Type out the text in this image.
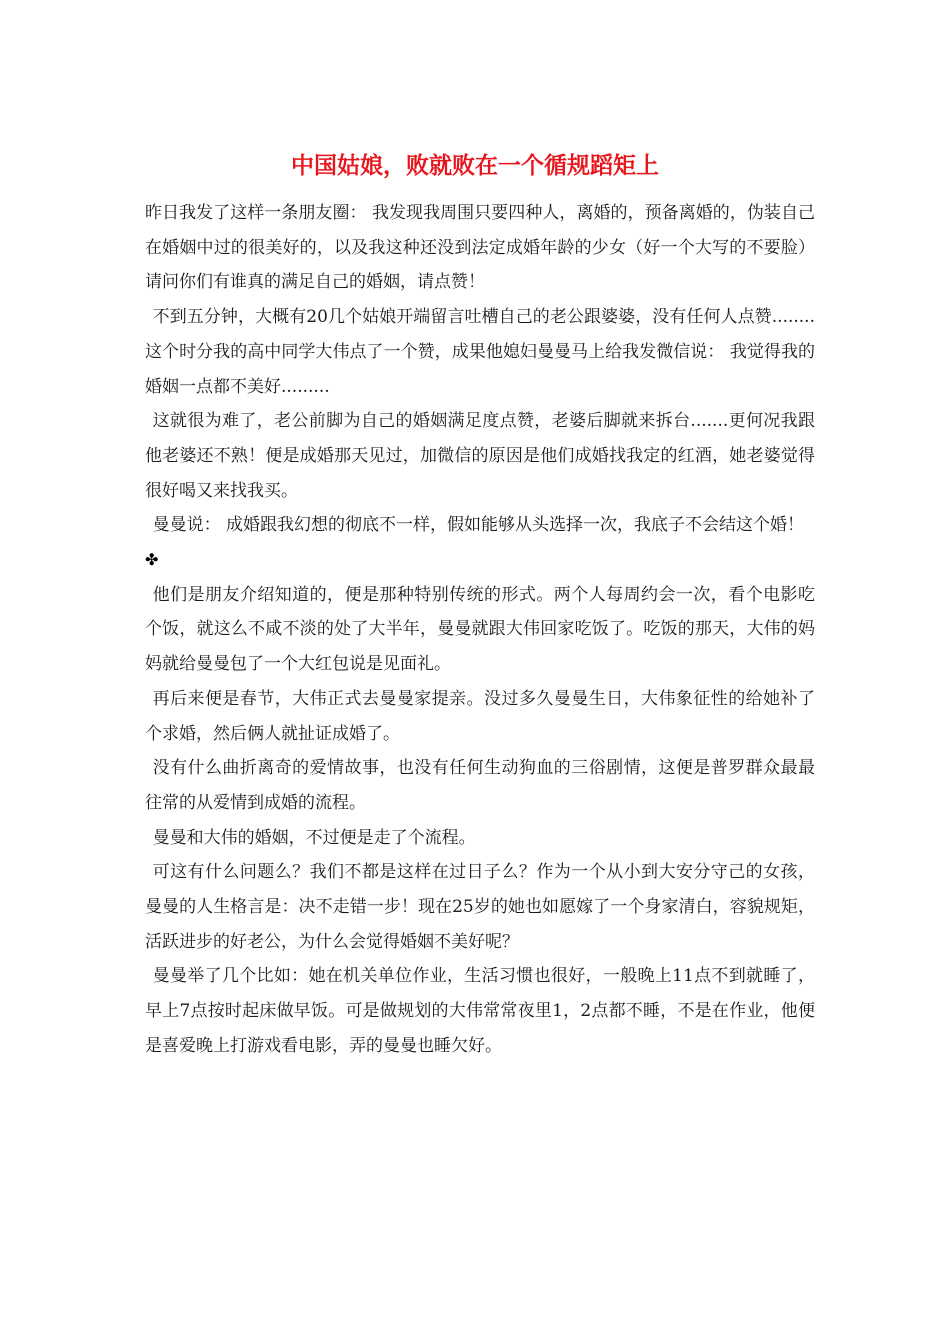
中国姑娘，败就败在一个循规蹈矩上

昨日我发了这样一条朋友圈： 我发现我周围只要四种人，离婚的，预备离婚的，伪装自己在婚姻中过的很美好的，以及我这种还没到法定成婚年龄的少女（好一个大写的不要脸）请问你们有谁真的满足自己的婚姻，请点赞！

不到五分钟，大概有20几个姑娘开端留言吐槽自己的老公跟婆婆，没有任何人点赞........这个时分我的高中同学大伟点了一个赞，成果他媳妇曼曼马上给我发微信说： 我觉得我的婚姻一点都不美好.........

这就很为难了，老公前脚为自己的婚姻满足度点赞，老婆后脚就来拆台.......更何况我跟他老婆还不熟！便是成婚那天见过，加微信的原因是他们成婚找我定的红酒，她老婆觉得很好喝又来找我买。

曼曼说： 成婚跟我幻想的彻底不一样，假如能够从头选择一次，我底子不会结这个婚！

✤

他们是朋友介绍知道的，便是那种特别传统的形式。两个人每周约会一次，看个电影吃个饭，就这么不咸不淡的处了大半年，曼曼就跟大伟回家吃饭了。吃饭的那天，大伟的妈妈就给曼曼包了一个大红包说是见面礼。

再后来便是春节，大伟正式去曼曼家提亲。没过多久曼曼生日，大伟象征性的给她补了个求婚，然后俩人就扯证成婚了。

没有什么曲折离奇的爱情故事，也没有任何生动狗血的三俗剧情，这便是普罗群众最最往常的从爱情到成婚的流程。

曼曼和大伟的婚姻，不过便是走了个流程。

可这有什么问题么？我们不都是这样在过日子么？作为一个从小到大安分守己的女孩，曼曼的人生格言是：决不走错一步！现在25岁的她也如愿嫁了一个身家清白，容貌规矩，活跃进步的好老公，为什么会觉得婚姻不美好呢？

曼曼举了几个比如：她在机关单位作业，生活习惯也很好，一般晚上11点不到就睡了，早上7点按时起床做早饭。可是做规划的大伟常常夜里1，2点都不睡，不是在作业，他便是喜爱晚上打游戏看电影，弄的曼曼也睡欠好。
